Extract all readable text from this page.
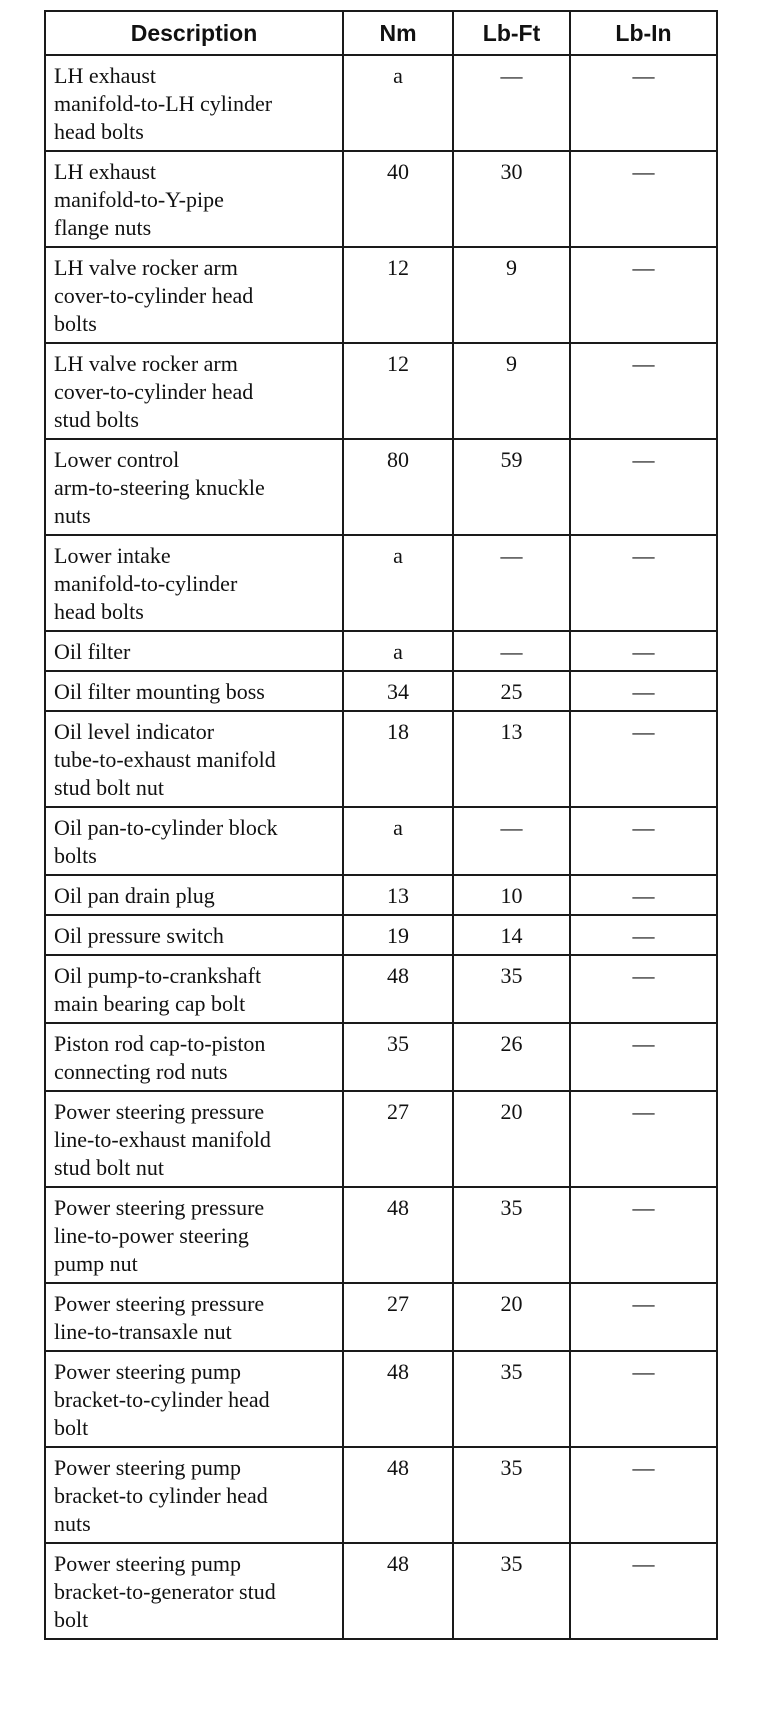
Description	Nm	Lb-Ft	Lb-In

LH exhaust
manifold-to-LH cylinder
head bolts	a	—	—

LH exhaust
manifold-to-Y-pipe
flange nuts	40	30	—

LH valve rocker arm
cover-to-cylinder head
bolts	12	9	—

LH valve rocker arm
cover-to-cylinder head
stud bolts	12	9	—

Lower control
arm-to-steering knuckle
nuts	80	59	—

Lower intake
manifold-to-cylinder
head bolts	a	—	—

Oil filter	a	—	—

Oil filter mounting boss	34	25	—

Oil level indicator
tube-to-exhaust manifold
stud bolt nut	18	13	—

Oil pan-to-cylinder block
bolts	a	—	—

Oil pan drain plug	13	10	—

Oil pressure switch	19	14	—

Oil pump-to-crankshaft
main bearing cap bolt	48	35	—

Piston rod cap-to-piston
connecting rod nuts	35	26	—

Power steering pressure
line-to-exhaust manifold
stud bolt nut	27	20	—

Power steering pressure
line-to-power steering
pump nut	48	35	—

Power steering pressure
line-to-transaxle nut	27	20	—

Power steering pump
bracket-to-cylinder head
bolt	48	35	—

Power steering pump
bracket-to cylinder head
nuts	48	35	—

Power steering pump
bracket-to-generator stud
bolt	48	35	—
